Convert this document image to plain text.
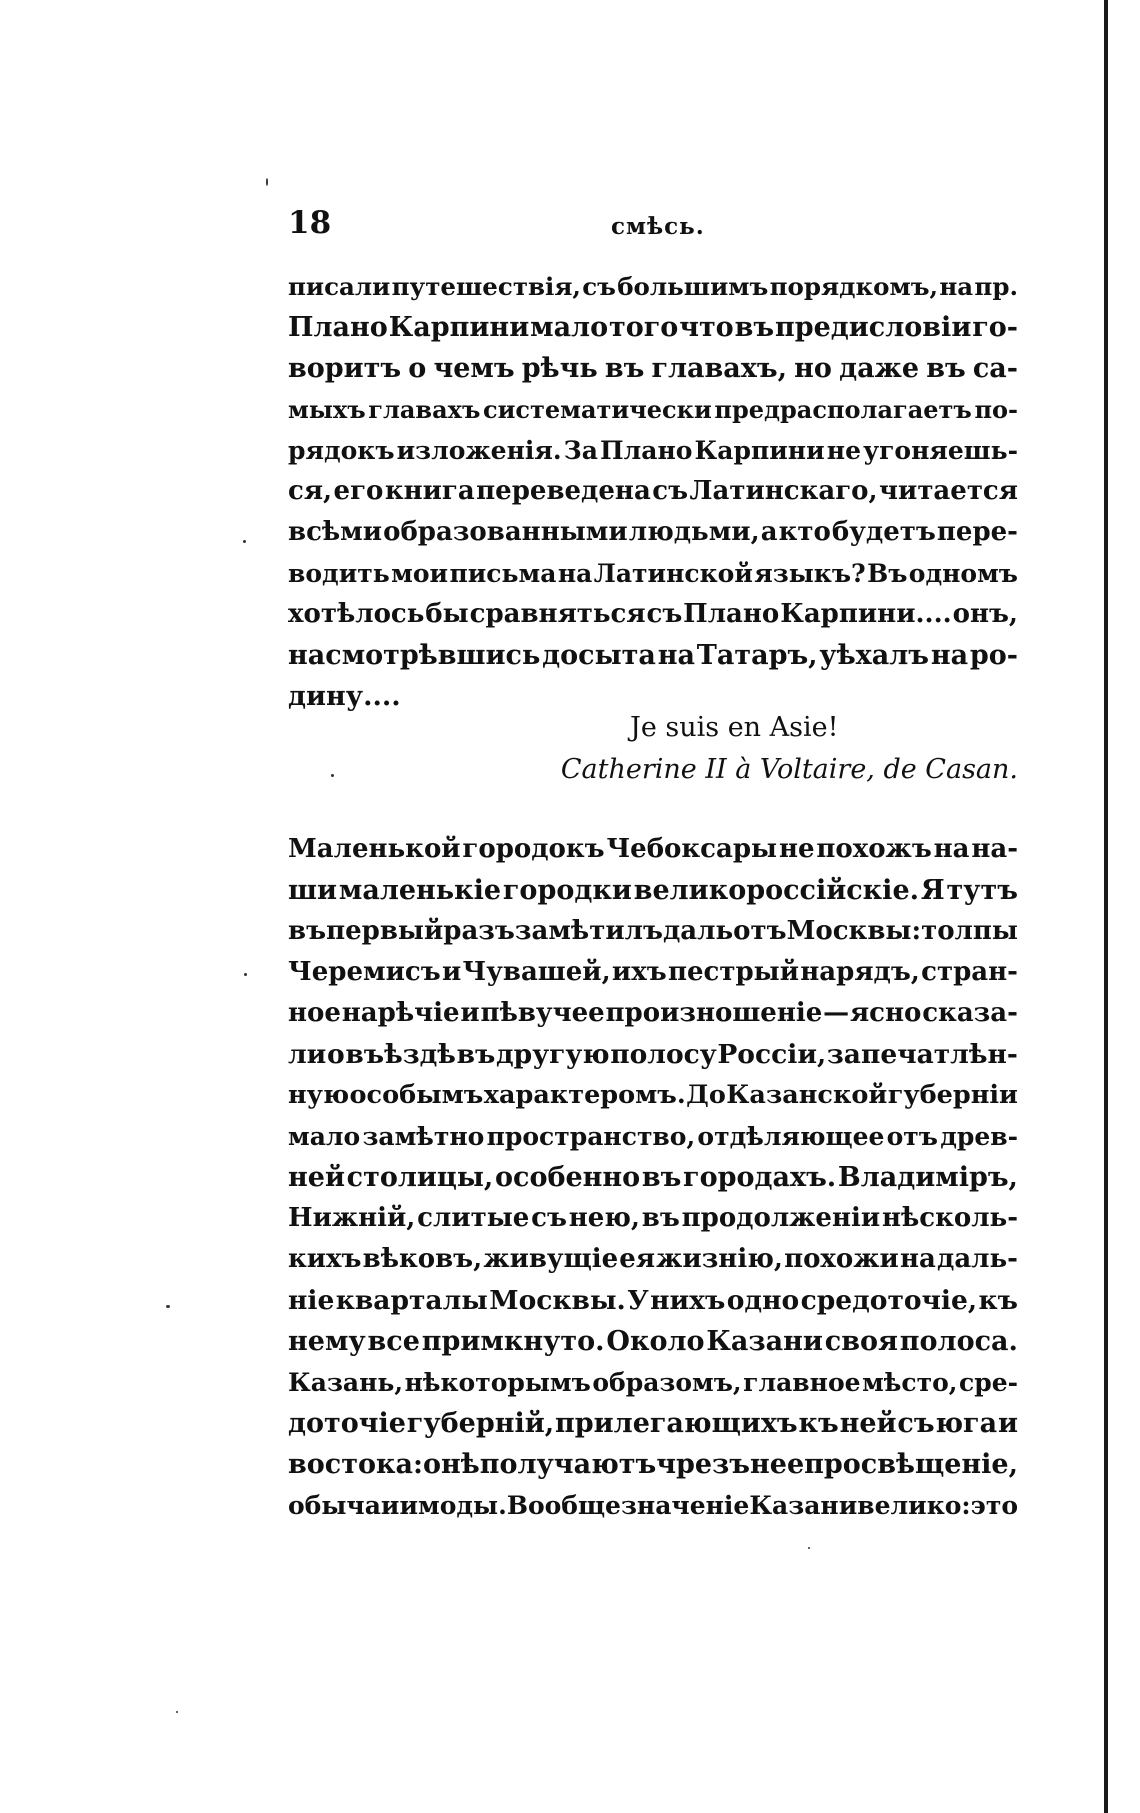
18	смѣсь.
писали путешествія, съ большимъ порядкомъ, на пр.
Плано Карпини мало того что въ предисловіи го-
воритъ о чемъ рѣчь въ главахъ, но даже въ са-
мыхъ главахъ систематически предрасполагаетъ по-
рядокъ изложенія. За Плано Карпини не угоняешь-
ся, его книга переведена съ Латинскаго, читается
всѣми образованными людьми, а кто будетъ пере-
водить мои письма на Латинской языкъ? Въ одномъ
хотѣлось бы сравняться съ Плано Карпини.... онъ,
насмотрѣвшись досыта на Татаръ, уѣхалъ на ро-
дину....
Je suis en Asie!
Catherine II à Voltaire, de Casan.
Маленькой городокъ Чебоксары не похожъ на на-
ши маленькіе городки великороссійскіе. Я тутъ
въ первый разъ замѣтилъ даль отъ Москвы: толпы
Черемисъ и Чувашей, ихъ пестрый нарядъ, стран-
ное нарѣчіе и пѣвучее произношеніе — ясно сказа-
ли о въѣздѣ въ другую полосу Россіи, запечатлѣн-
ную особымъ характеромъ. До Казанской губерніи
мало замѣтно пространство, отдѣляющее отъ древ-
ней столицы, особенно въ городахъ. Владиміръ,
Нижній, слитые съ нею, въ продолженіи нѣсколь-
кихъ вѣковъ, живущіе ея жизнію, похожи на даль-
ніе кварталы Москвы. У нихъ одно средоточіе, къ
нему все примкнуто. Около Казани своя полоса.
Казань, нѣкоторымъ образомъ, главное мѣсто, сре-
доточіе губерній, прилегающихъ къ ней съ юга и
востока: онѣ получаютъ чрезъ нее просвѣщеніе,
обычаи и моды. Вообще значеніе Казани велико: это
